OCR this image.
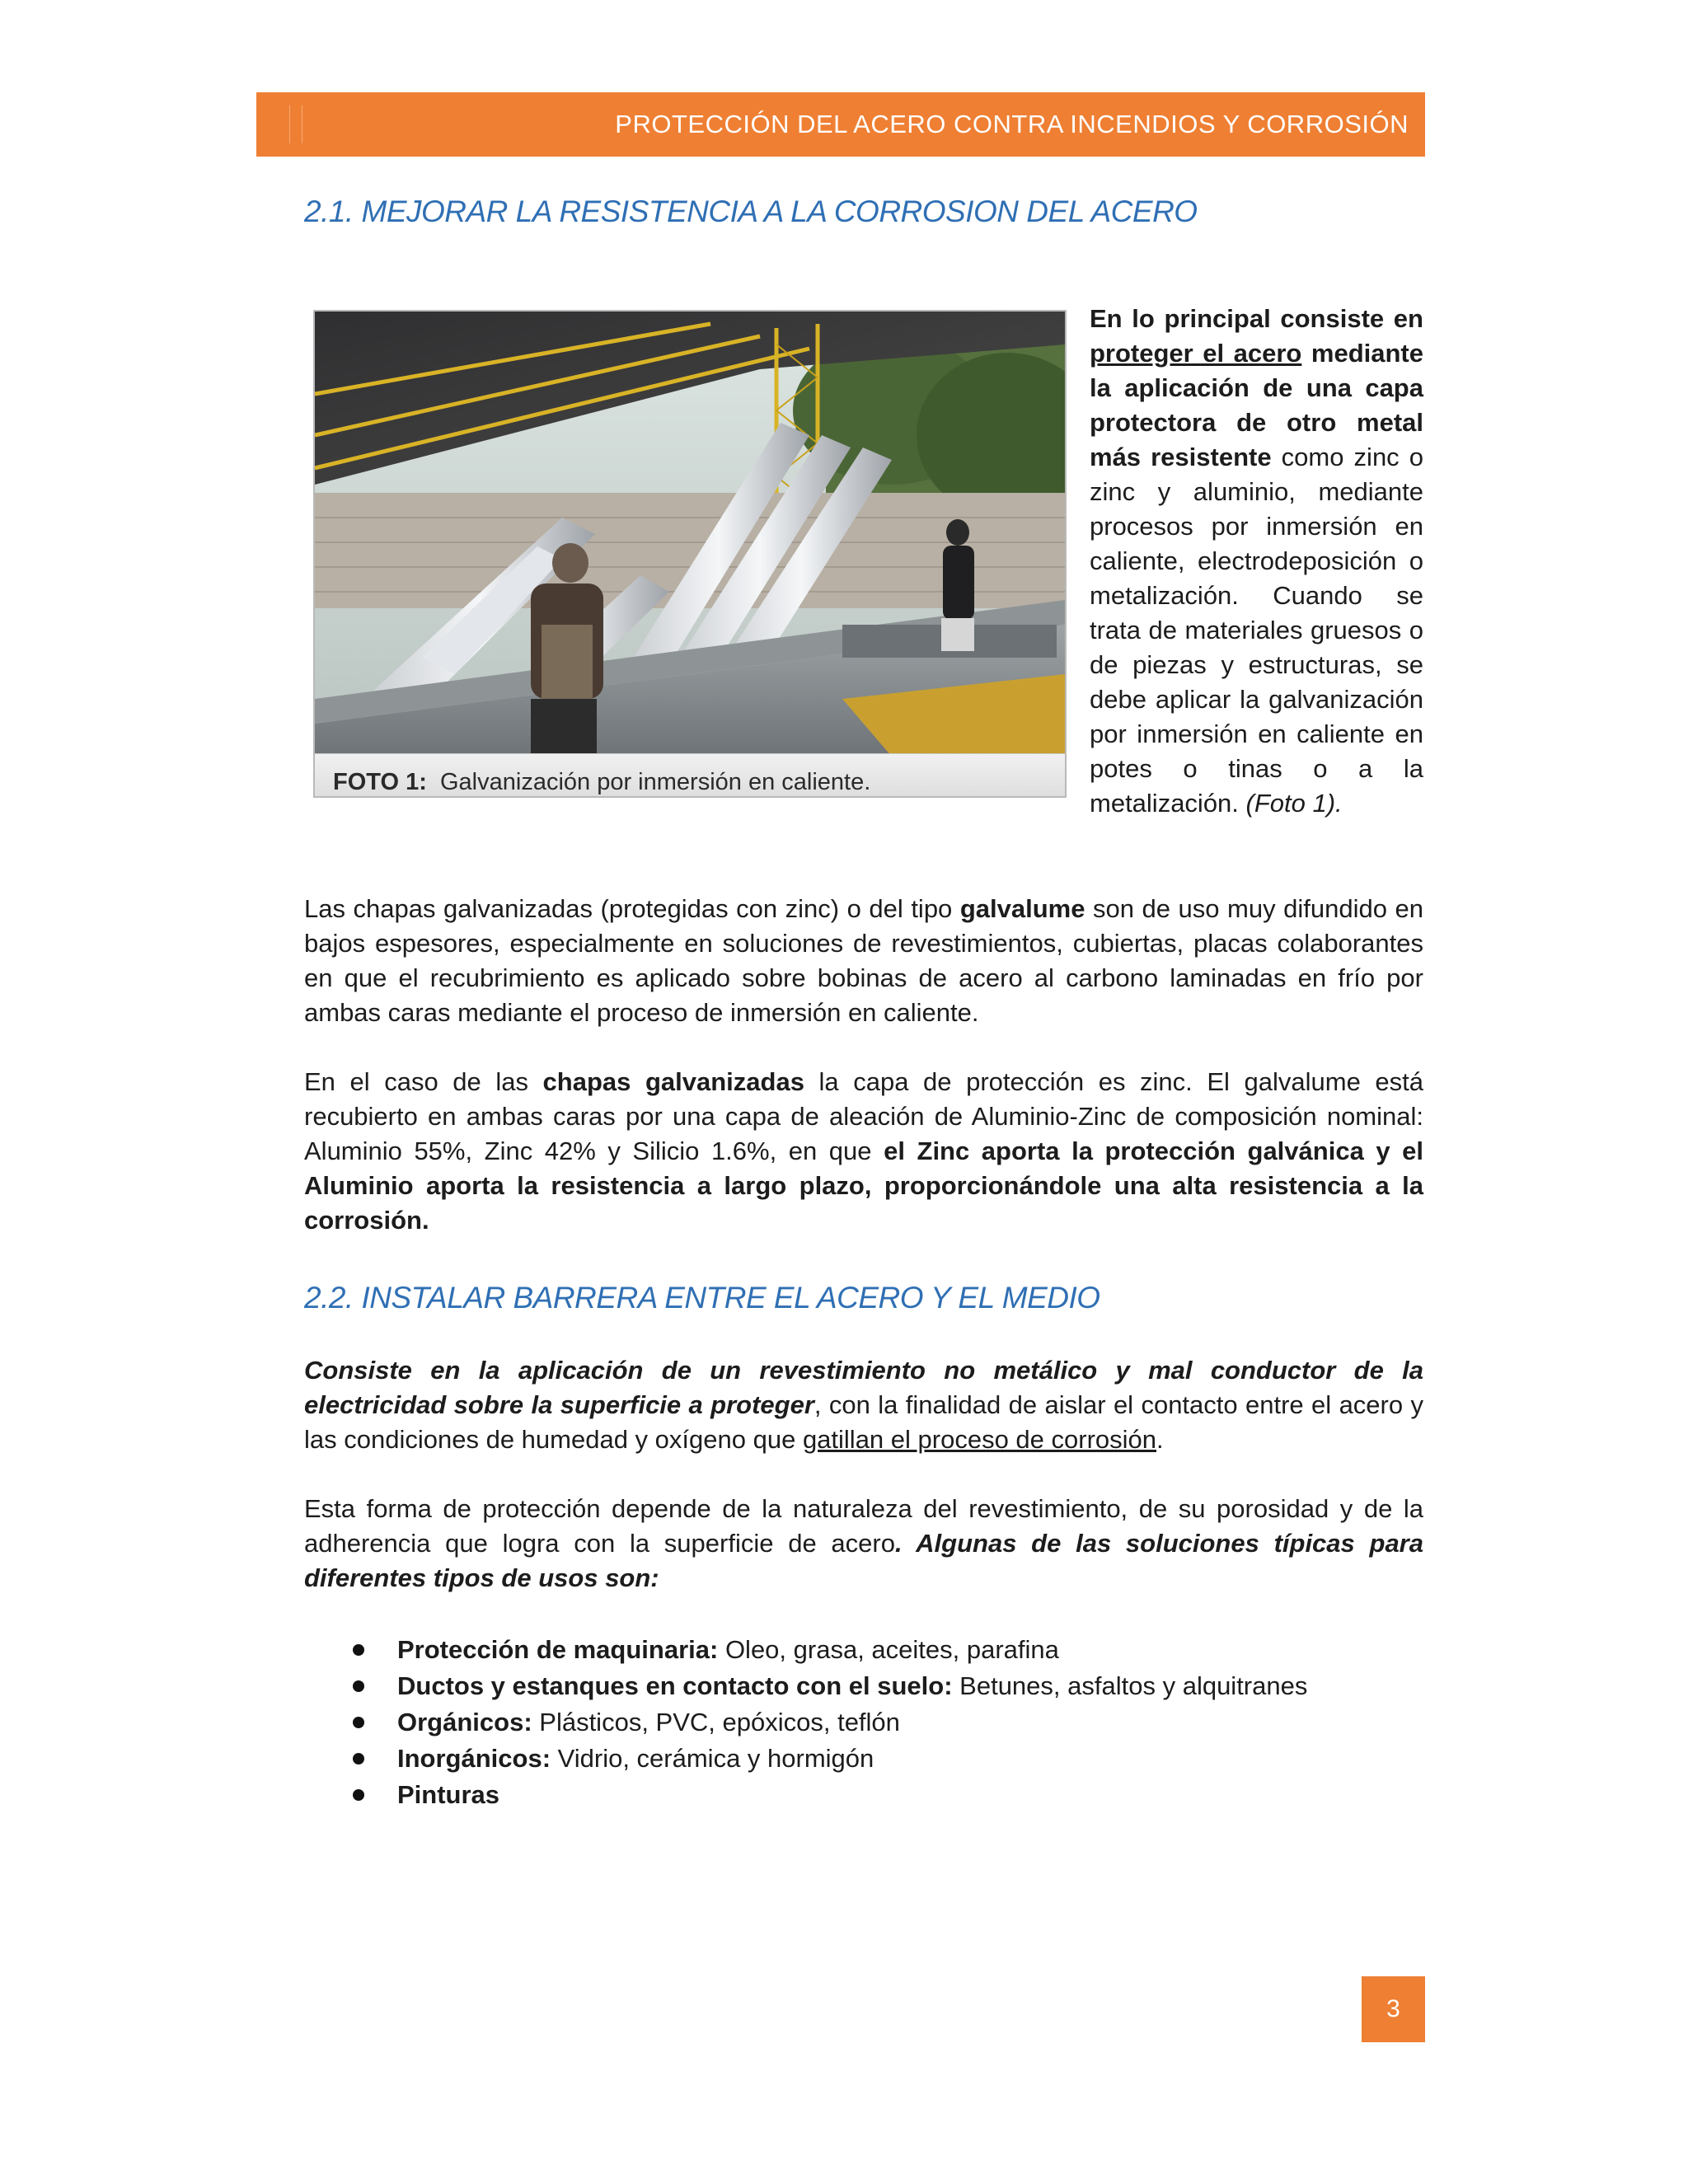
PROTECCIÓN DEL ACERO CONTRA INCENDIOS Y CORROSIÓN
2.1. MEJORAR LA RESISTENCIA A LA CORROSION DEL ACERO
FOTO 1: Galvanización por inmersión en caliente.

En lo principal consiste en proteger el acero mediante la aplicación de una capa protectora de otro metal más resistente como zinc o zinc y aluminio, mediante procesos por inmersión en caliente, electrodeposición o metalización. Cuando se trata de materiales gruesos o de piezas y estructuras, se debe aplicar la galvanización por inmersión en caliente en potes o tinas o a la metalización. (Foto 1).

Las chapas galvanizadas (protegidas con zinc) o del tipo galvalume son de uso muy difundido en bajos espesores, especialmente en soluciones de revestimientos, cubiertas, placas colaborantes en que el recubrimiento es aplicado sobre bobinas de acero al carbono laminadas en frío por ambas caras mediante el proceso de inmersión en caliente.

En el caso de las chapas galvanizadas la capa de protección es zinc. El galvalume está recubierto en ambas caras por una capa de aleación de Aluminio-Zinc de composición nominal: Aluminio 55%, Zinc 42% y Silicio 1.6%, en que el Zinc aporta la protección galvánica y el Aluminio aporta la resistencia a largo plazo, proporcionándole una alta resistencia a la corrosión.

2.2. INSTALAR BARRERA ENTRE EL ACERO Y EL MEDIO

Consiste en la aplicación de un revestimiento no metálico y mal conductor de la electricidad sobre la superficie a proteger, con la finalidad de aislar el contacto entre el acero y las condiciones de humedad y oxígeno que gatillan el proceso de corrosión.

Esta forma de protección depende de la naturaleza del revestimiento, de su porosidad y de la adherencia que logra con la superficie de acero. Algunas de las soluciones típicas para diferentes tipos de usos son:

Protección de maquinaria: Oleo, grasa, aceites, parafina
Ductos y estanques en contacto con el suelo: Betunes, asfaltos y alquitranes
Orgánicos: Plásticos, PVC, epóxicos, teflón
Inorgánicos: Vidrio, cerámica y hormigón
Pinturas
3
